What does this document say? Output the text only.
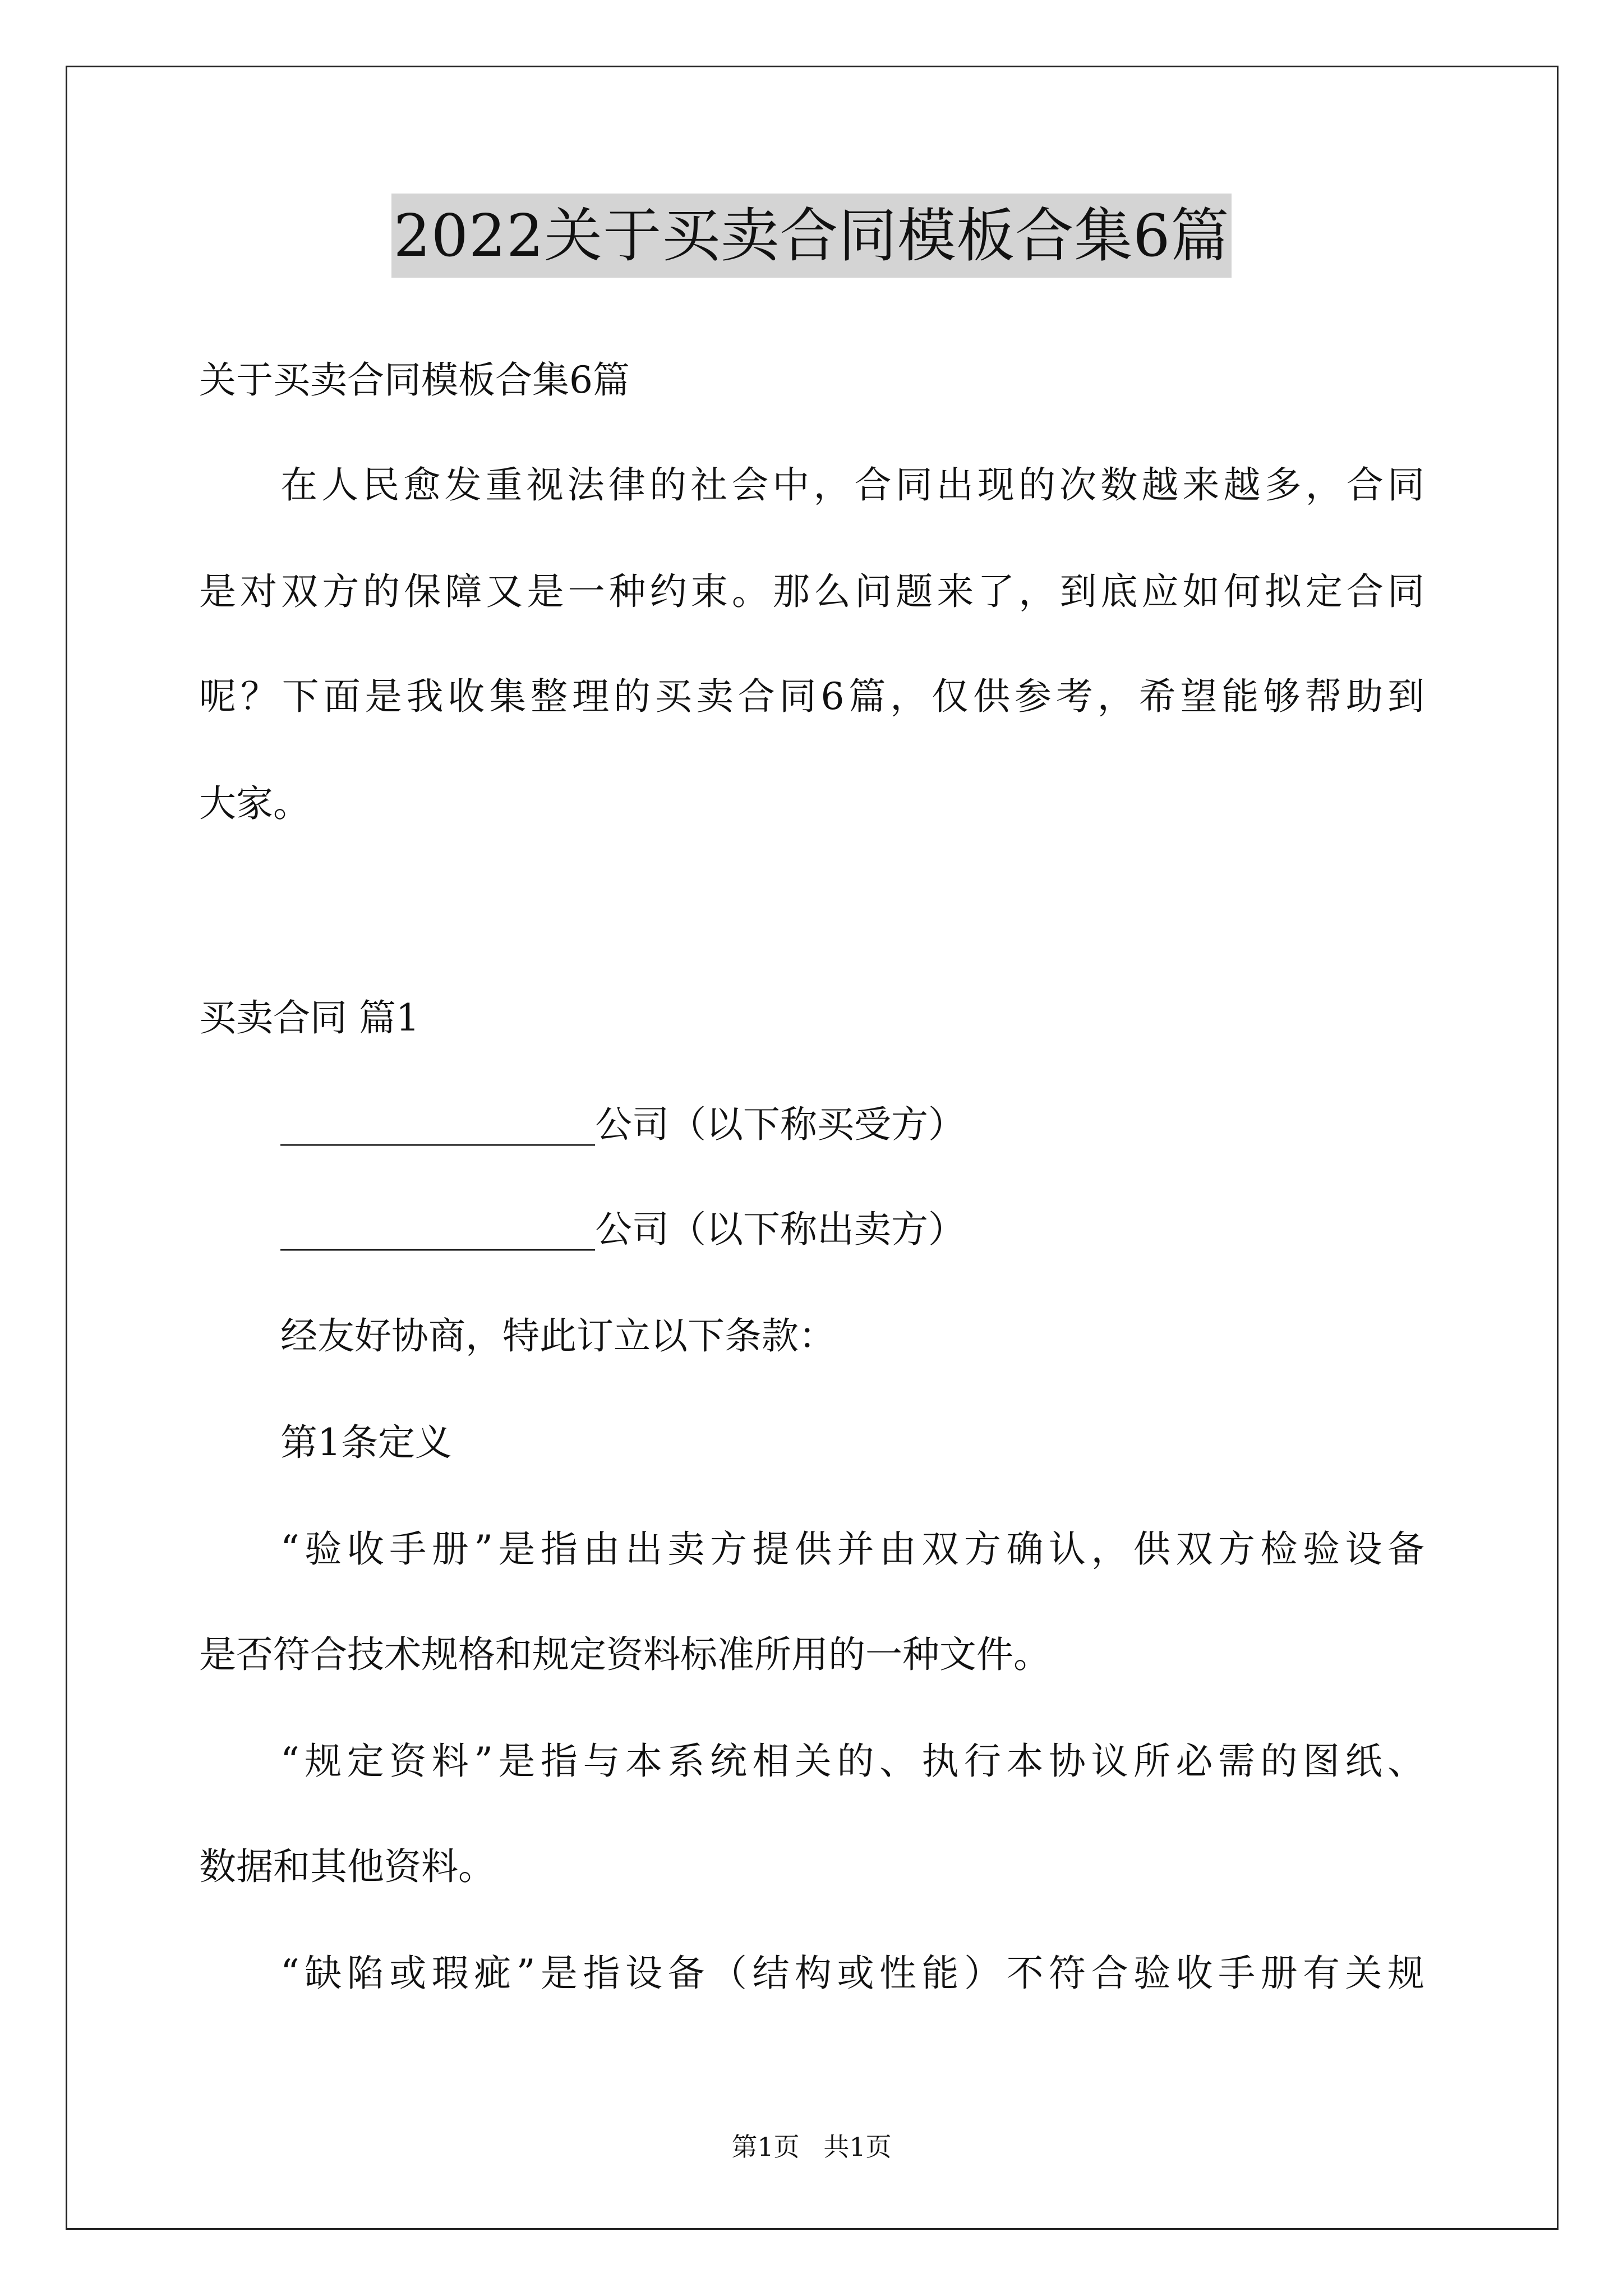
2022关于买卖合同模板合集6篇
关于买卖合同模板合集6篇
在人民愈发重视法律的社会中，合同出现的次数越来越多，合同
是对双方的保障又是一种约束。那么问题来了，到底应如何拟定合同
呢？下面是我收集整理的买卖合同6篇，仅供参考，希望能够帮助到
大家。
买卖合同 篇1
_________________公司（以下称买受方）
_________________公司（以下称出卖方）
经友好协商，特此订立以下条款：
第1条定义
“验收手册”是指由出卖方提供并由双方确认，供双方检验设备
是否符合技术规格和规定资料标准所用的一种文件。
“规定资料”是指与本系统相关的、执行本协议所必需的图纸、
数据和其他资料。
“缺陷或瑕疵”是指设备（结构或性能）不符合验收手册有关规
第1页 共1页
